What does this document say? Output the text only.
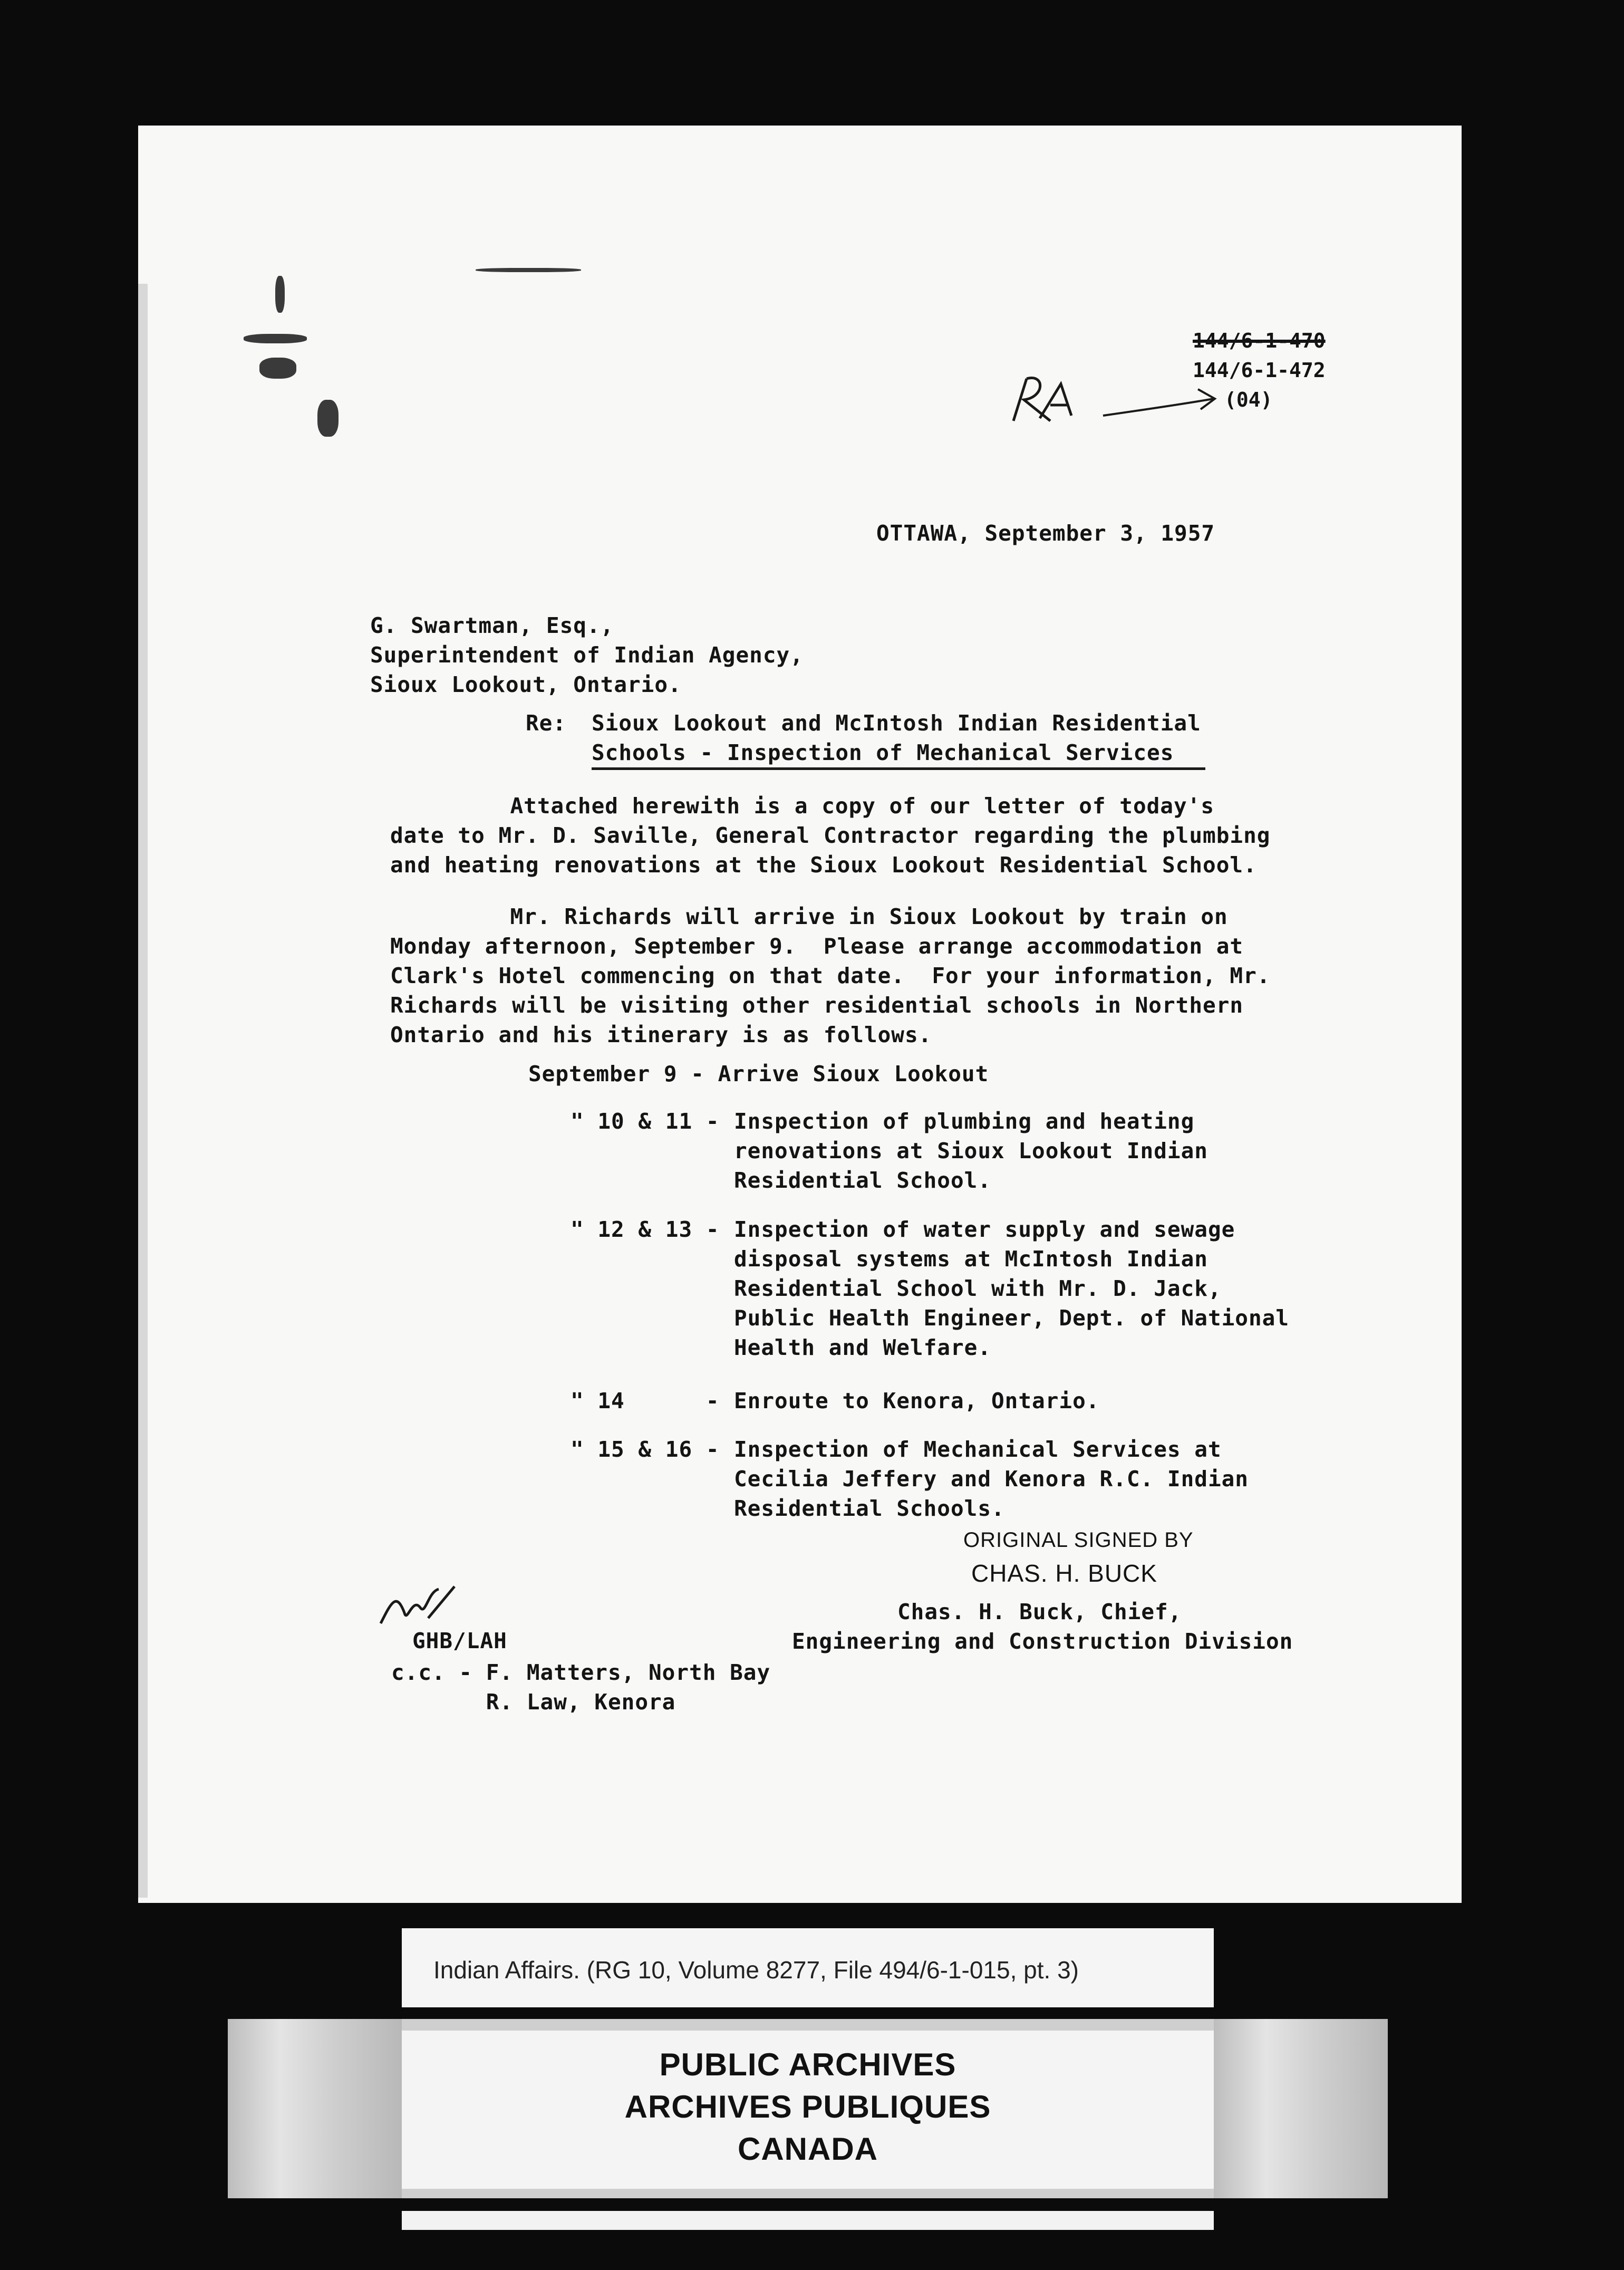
144/6-1-470
144/6-1-472
(04)
OTTAWA, September 3, 1957
G. Swartman, Esq.,
Superintendent of Indian Agency,
Sioux Lookout, Ontario.
Re: Sioux Lookout and McIntosh Indian Residential
Schools - Inspection of Mechanical Services
Attached herewith is a copy of our letter of today's
date to Mr. D. Saville, General Contractor regarding the plumbing
and heating renovations at the Sioux Lookout Residential School.
Mr. Richards will arrive in Sioux Lookout by train on
Monday afternoon, September 9.  Please arrange accommodation at
Clark's Hotel commencing on that date.  For your information, Mr.
Richards will be visiting other residential schools in Northern
Ontario and his itinerary is as follows.
September 9 - Arrive Sioux Lookout
" 10 & 11 - Inspection of plumbing and heating
renovations at Sioux Lookout Indian
Residential School.
" 12 & 13 - Inspection of water supply and sewage
disposal systems at McIntosh Indian
Residential School with Mr. D. Jack,
Public Health Engineer, Dept. of National
Health and Welfare.
" 14      - Enroute to Kenora, Ontario.
" 15 & 16 - Inspection of Mechanical Services at
Cecilia Jeffery and Kenora R.C. Indian
Residential Schools.
ORIGINAL SIGNED BY
CHAS. H. BUCK
Chas. H. Buck, Chief,
Engineering and Construction Division
GHB/LAH
c.c. - F. Matters, North Bay
R. Law, Kenora
Indian Affairs. (RG 10, Volume 8277, File 494/6-1-015, pt. 3)
PUBLIC ARCHIVES
ARCHIVES PUBLIQUES
CANADA
